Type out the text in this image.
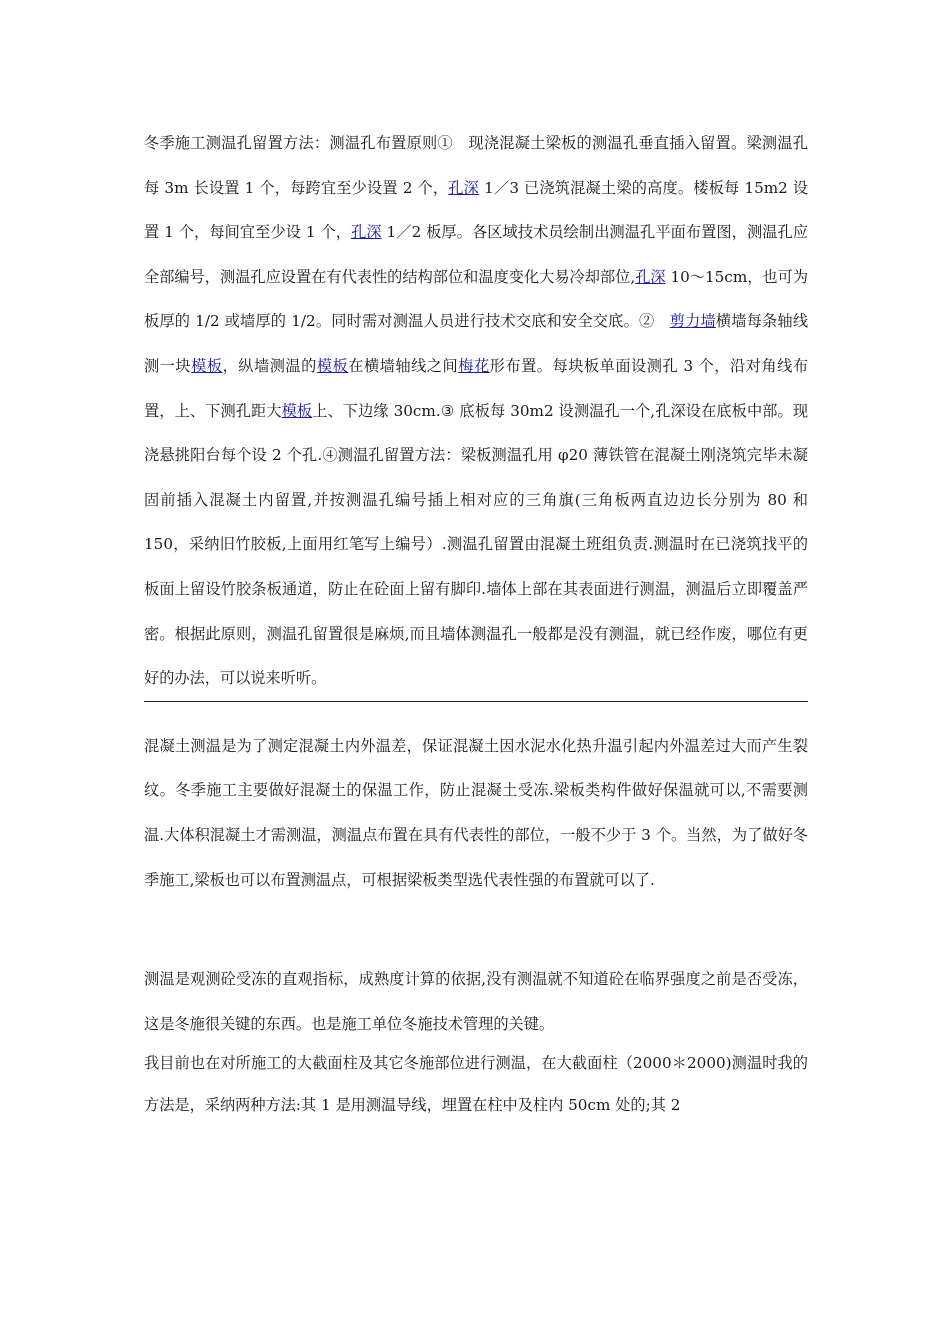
冬季施工测温孔留置方法：测温孔布置原则①　现浇混凝土梁板的测温孔垂直插入留置。梁测温孔每 3m 长设置 1 个，每跨宜至少设置 2 个，孔深 1／3 已浇筑混凝土梁的高度。楼板每 15m2 设置 1 个，每间宜至少设 1 个，孔深 1／2 板厚。各区域技术员绘制出测温孔平面布置图，测温孔应全部编号，测温孔应设置在有代表性的结构部位和温度变化大易冷却部位,孔深 10～15cm，也可为板厚的 1/2 或墙厚的 1/2。同时需对测温人员进行技术交底和安全交底。②　剪力墙横墙每条轴线测一块模板，纵墙测温的模板在横墙轴线之间梅花形布置。每块板单面设测孔 3 个，沿对角线布置，上、下测孔距大模板上、下边缘 30cm.③ 底板每 30m2 设测温孔一个,孔深设在底板中部。现浇悬挑阳台每个设 2 个孔.④测温孔留置方法：梁板测温孔用 φ20 薄铁管在混凝土刚浇筑完毕未凝固前插入混凝土内留置,并按测温孔编号插上相对应的三角旗(三角板两直边边长分别为 80 和 150，采纳旧竹胶板,上面用红笔写上编号）.测温孔留置由混凝土班组负责.测温时在已浇筑找平的板面上留设竹胶条板通道，防止在砼面上留有脚印.墙体上部在其表面进行测温，测温后立即覆盖严密。根据此原则，测温孔留置很是麻烦,而且墙体测温孔一般都是没有测温，就已经作废，哪位有更好的办法，可以说来听听。

混凝土测温是为了测定混凝土内外温差，保证混凝土因水泥水化热升温引起内外温差过大而产生裂纹。冬季施工主要做好混凝土的保温工作，防止混凝土受冻.梁板类构件做好保温就可以,不需要测温.大体积混凝土才需测温，测温点布置在具有代表性的部位，一般不少于 3 个。当然，为了做好冬季施工,梁板也可以布置测温点，可根据梁板类型选代表性强的布置就可以了.

测温是观测砼受冻的直观指标，成熟度计算的依据,没有测温就不知道砼在临界强度之前是否受冻，这是冬施很关键的东西。也是施工单位冬施技术管理的关键。

我目前也在对所施工的大截面柱及其它冬施部位进行测温，在大截面柱（2000＊2000)测温时我的方法是，采纳两种方法:其 1 是用测温导线，埋置在柱中及柱内 50cm 处的;其 2
